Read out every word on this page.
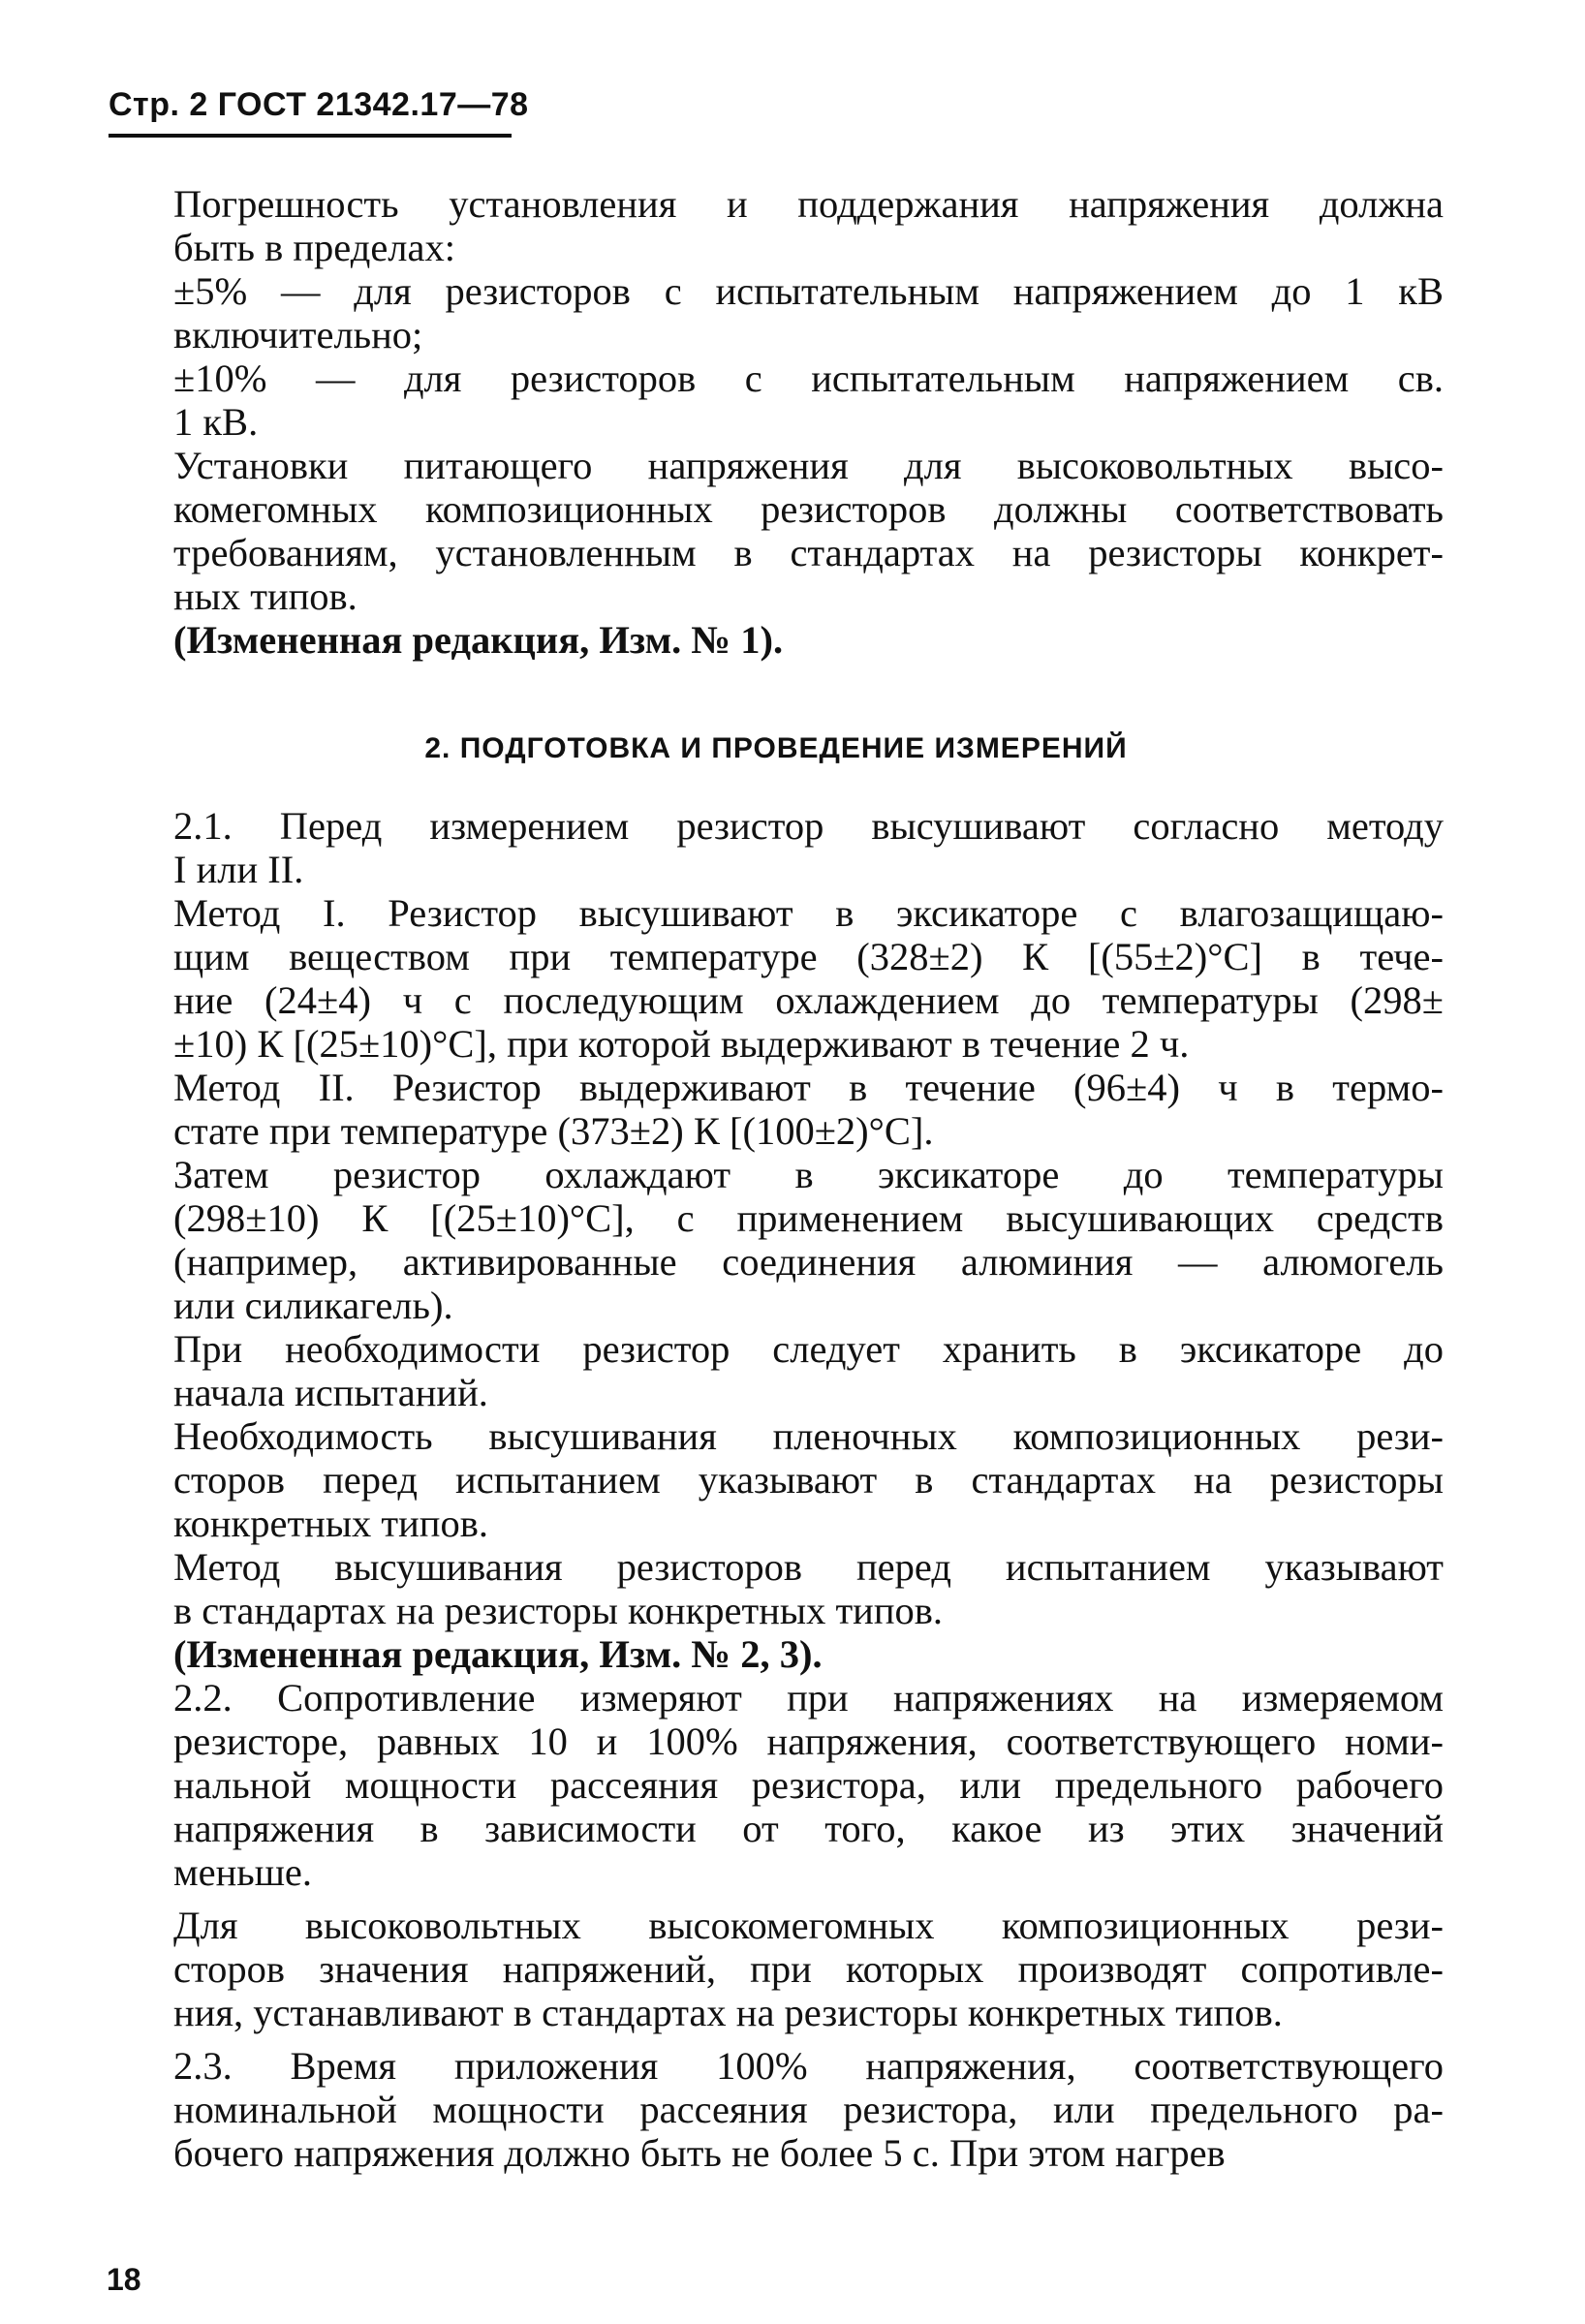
Стр. 2 ГОСТ 21342.17—78

Погрешность установления и поддержания напряжения должна
быть в пределах:

±5% — для резисторов с испытательным напряжением до 1 кВ
включительно;

±10% — для резисторов с испытательным напряжением св.
1 кВ.

Установки питающего напряжения для высоковольтных высо-
комегомных композиционных резисторов должны соответствовать
требованиям, установленным в стандартах на резисторы конкрет-
ных типов.

(Измененная редакция, Изм. № 1).

2. ПОДГОТОВКА И ПРОВЕДЕНИЕ ИЗМЕРЕНИЙ

2.1. Перед измерением резистор высушивают согласно методу
I или II.

Метод I. Резистор высушивают в эксикаторе с влагозащищаю-
щим веществом при температуре (328±2) К [(55±2)°С] в тече-
ние (24±4) ч с последующим охлаждением до температуры (298±
±10) К [(25±10)°С], при которой выдерживают в течение 2 ч.

Метод II. Резистор выдерживают в течение (96±4) ч в термо-
стате при температуре (373±2) К [(100±2)°С].

Затем резистор охлаждают в эксикаторе до температуры
(298±10) К [(25±10)°С], с применением высушивающих средств
(например, активированные соединения алюминия — алюмогель
или силикагель).

При необходимости резистор следует хранить в эксикаторе до
начала испытаний.

Необходимость высушивания пленочных композиционных рези-
сторов перед испытанием указывают в стандартах на резисторы
конкретных типов.

Метод высушивания резисторов перед испытанием указывают
в стандартах на резисторы конкретных типов.

(Измененная редакция, Изм. № 2, 3).

2.2. Сопротивление измеряют при напряжениях на измеряемом
резисторе, равных 10 и 100% напряжения, соответствующего номи-
нальной мощности рассеяния резистора, или предельного рабочего
напряжения в зависимости от того, какое из этих значений
меньше.

Для высоковольтных высокомегомных композиционных рези-
сторов значения напряжений, при которых производят сопротивле-
ния, устанавливают в стандартах на резисторы конкретных типов.

2.3. Время приложения 100% напряжения, соответствующего
номинальной мощности рассеяния резистора, или предельного ра-
бочего напряжения должно быть не более 5 с. При этом нагрев

18
